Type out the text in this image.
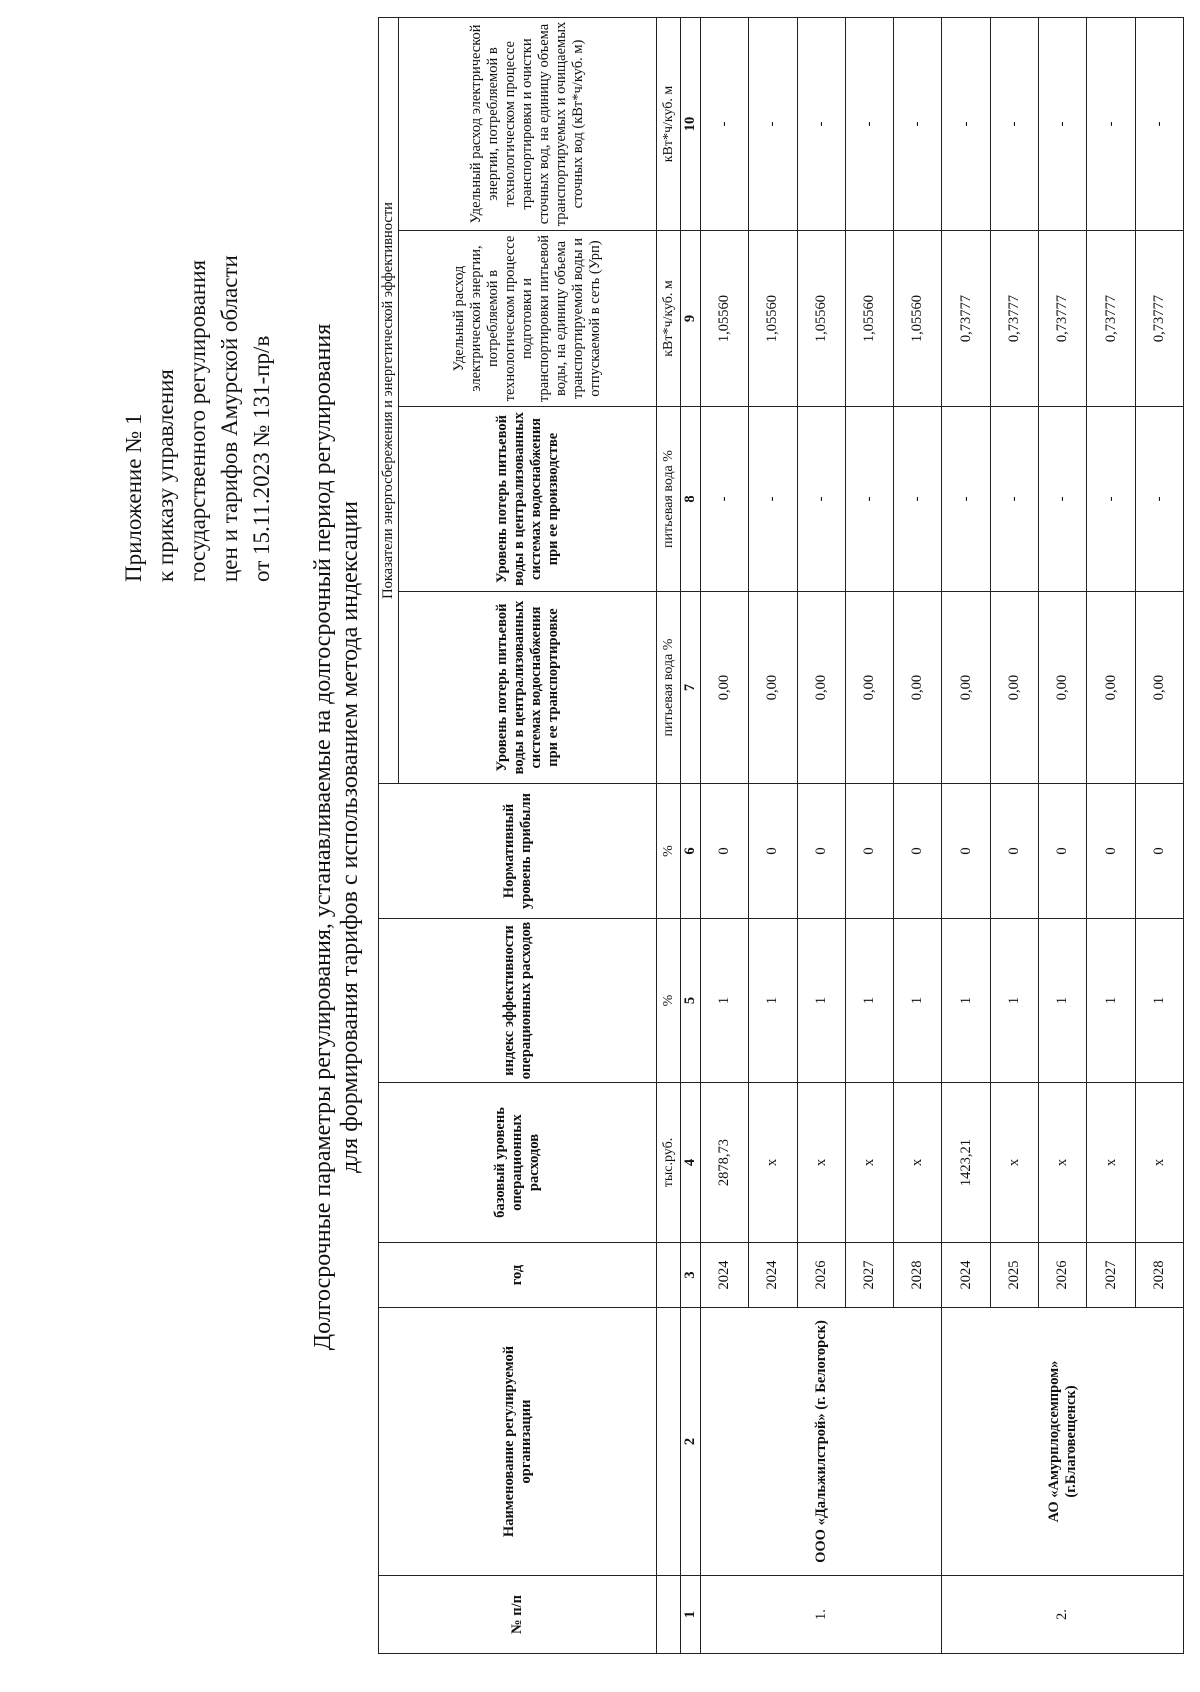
Приложение № 1 к приказу управления государственного регулирования цен и тарифов Амурской области от 15.11.2023 № 131-пр/в Долгосрочные параметры регулирования, устанавливаемые на долгосрочный период регулирования для формирования тарифов с использованием метода индексации
№ п/п	Наименование регулируемой организации	год	базовый уровень операционных расходов	индекс эффективности операционных расходов	Нормативный уровень прибыли	Показатели энергосбережения и энергетической эффективности			
						Уровень потерь питьевой воды в централизованных системах водоснабжения при ее транспортировке	Уровень потерь питьевой воды в централизованных системах водоснабжения при ее производстве	Удельный расход электрической энергии, потребляемой в технологическом процессе подготовки и транспортировки питьевой воды, на единицу объема транспортируемой воды и отпускаемой в сеть (Урп)	Удельный расход электрической энергии, потребляемой в технологическом процессе транспортировки и очистки сточных вод, на единицу объема транспортируемых и очищаемых сточных вод (кВт*ч/куб. м)
			тыс.руб.	%	%	питьевая вода %	питьевая вода %	кВт*ч/куб. м	кВт*ч/куб. м
1	2	3	4	5	6	7	8	9	10
1.	ООО «Дальжилстрой» (г. Белогорск)	2024	2878,73	1	0	0,00	-	1,05560	-
		2024	х	1	0	0,00	-	1,05560	-
		2026	х	1	0	0,00	-	1,05560	-
		2027	х	1	0	0,00	-	1,05560	-
		2028	х	1	0	0,00	-	1,05560	-
2.	АО «Амурплодсемпром» (г.Благовещенск)	2024	1423,21	1	0	0,00	-	0,73777	-
		2025	х	1	0	0,00	-	0,73777	-
		2026	х	1	0	0,00	-	0,73777	-
		2027	х	1	0	0,00	-	0,73777	-
		2028	х	1	0	0,00	-	0,73777	-
